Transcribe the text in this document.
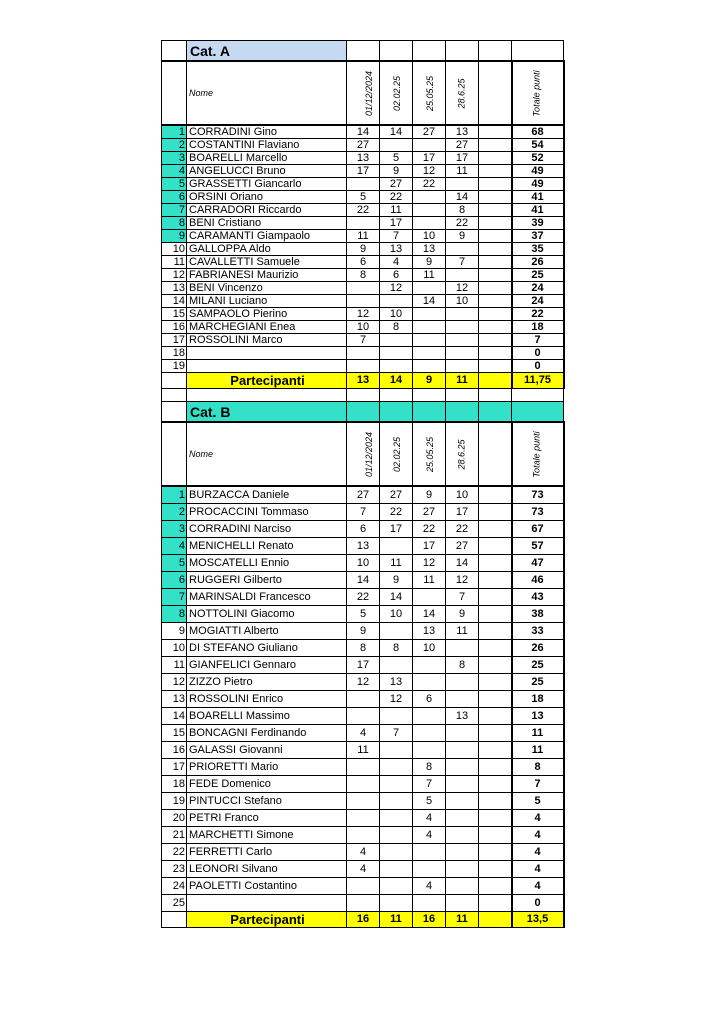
	Cat. A						
	Nome	01/12/2024	02.02.25	25.05.25	28.6.25		Totale punti
1	CORRADINI Gino	14	14	27	13		68
2	COSTANTINI Flaviano	27			27		54
3	BOARELLI Marcello	13	5	17	17		52
4	ANGELUCCI Bruno	17	9	12	11		49
5	GRASSETTI Giancarlo		27	22			49
6	ORSINI Oriano	5	22		14		41
7	CARRADORI Riccardo	22	11		8		41
8	BENI Cristiano		17		22		39
9	CARAMANTI Giampaolo	11	7	10	9		37
10	GALLOPPA Aldo	9	13	13			35
11	CAVALLETTI Samuele	6	4	9	7		26
12	FABRIANESI Maurizio	8	6	11			25
13	BENI Vincenzo		12		12		24
14	MILANI Luciano			14	10		24
15	SAMPAOLO Pierino	12	10				22
16	MARCHEGIANI Enea	10	8				18
17	ROSSOLINI Marco	7					7
18							0
19							0
	Partecipanti	13	14	9	11		11,75

	Cat. B						
	Nome	01/12/2024	02.02.25	25.05.25	28.6.25		Totale punti
1	BURZACCA Daniele	27	27	9	10		73
2	PROCACCINI Tommaso	7	22	27	17		73
3	CORRADINI Narciso	6	17	22	22		67
4	MENICHELLI Renato	13		17	27		57
5	MOSCATELLI Ennio	10	11	12	14		47
6	RUGGERI Gilberto	14	9	11	12		46
7	MARINSALDI Francesco	22	14		7		43
8	NOTTOLINI Giacomo	5	10	14	9		38
9	MOGIATTI Alberto	9		13	11		33
10	DI STEFANO Giuliano	8	8	10			26
11	GIANFELICI Gennaro	17			8		25
12	ZIZZO Pietro	12	13				25
13	ROSSOLINI Enrico		12	6			18
14	BOARELLI Massimo				13		13
15	BONCAGNI Ferdinando	4	7				11
16	GALASSI Giovanni	11					11
17	PRIORETTI Mario			8			8
18	FEDE Domenico			7			7
19	PINTUCCI Stefano			5			5
20	PETRI Franco			4			4
21	MARCHETTI Simone			4			4
22	FERRETTI Carlo	4					4
23	LEONORI Silvano	4					4
24	PAOLETTI Costantino			4			4
25							0
	Partecipanti	16	11	16	11		13,5
